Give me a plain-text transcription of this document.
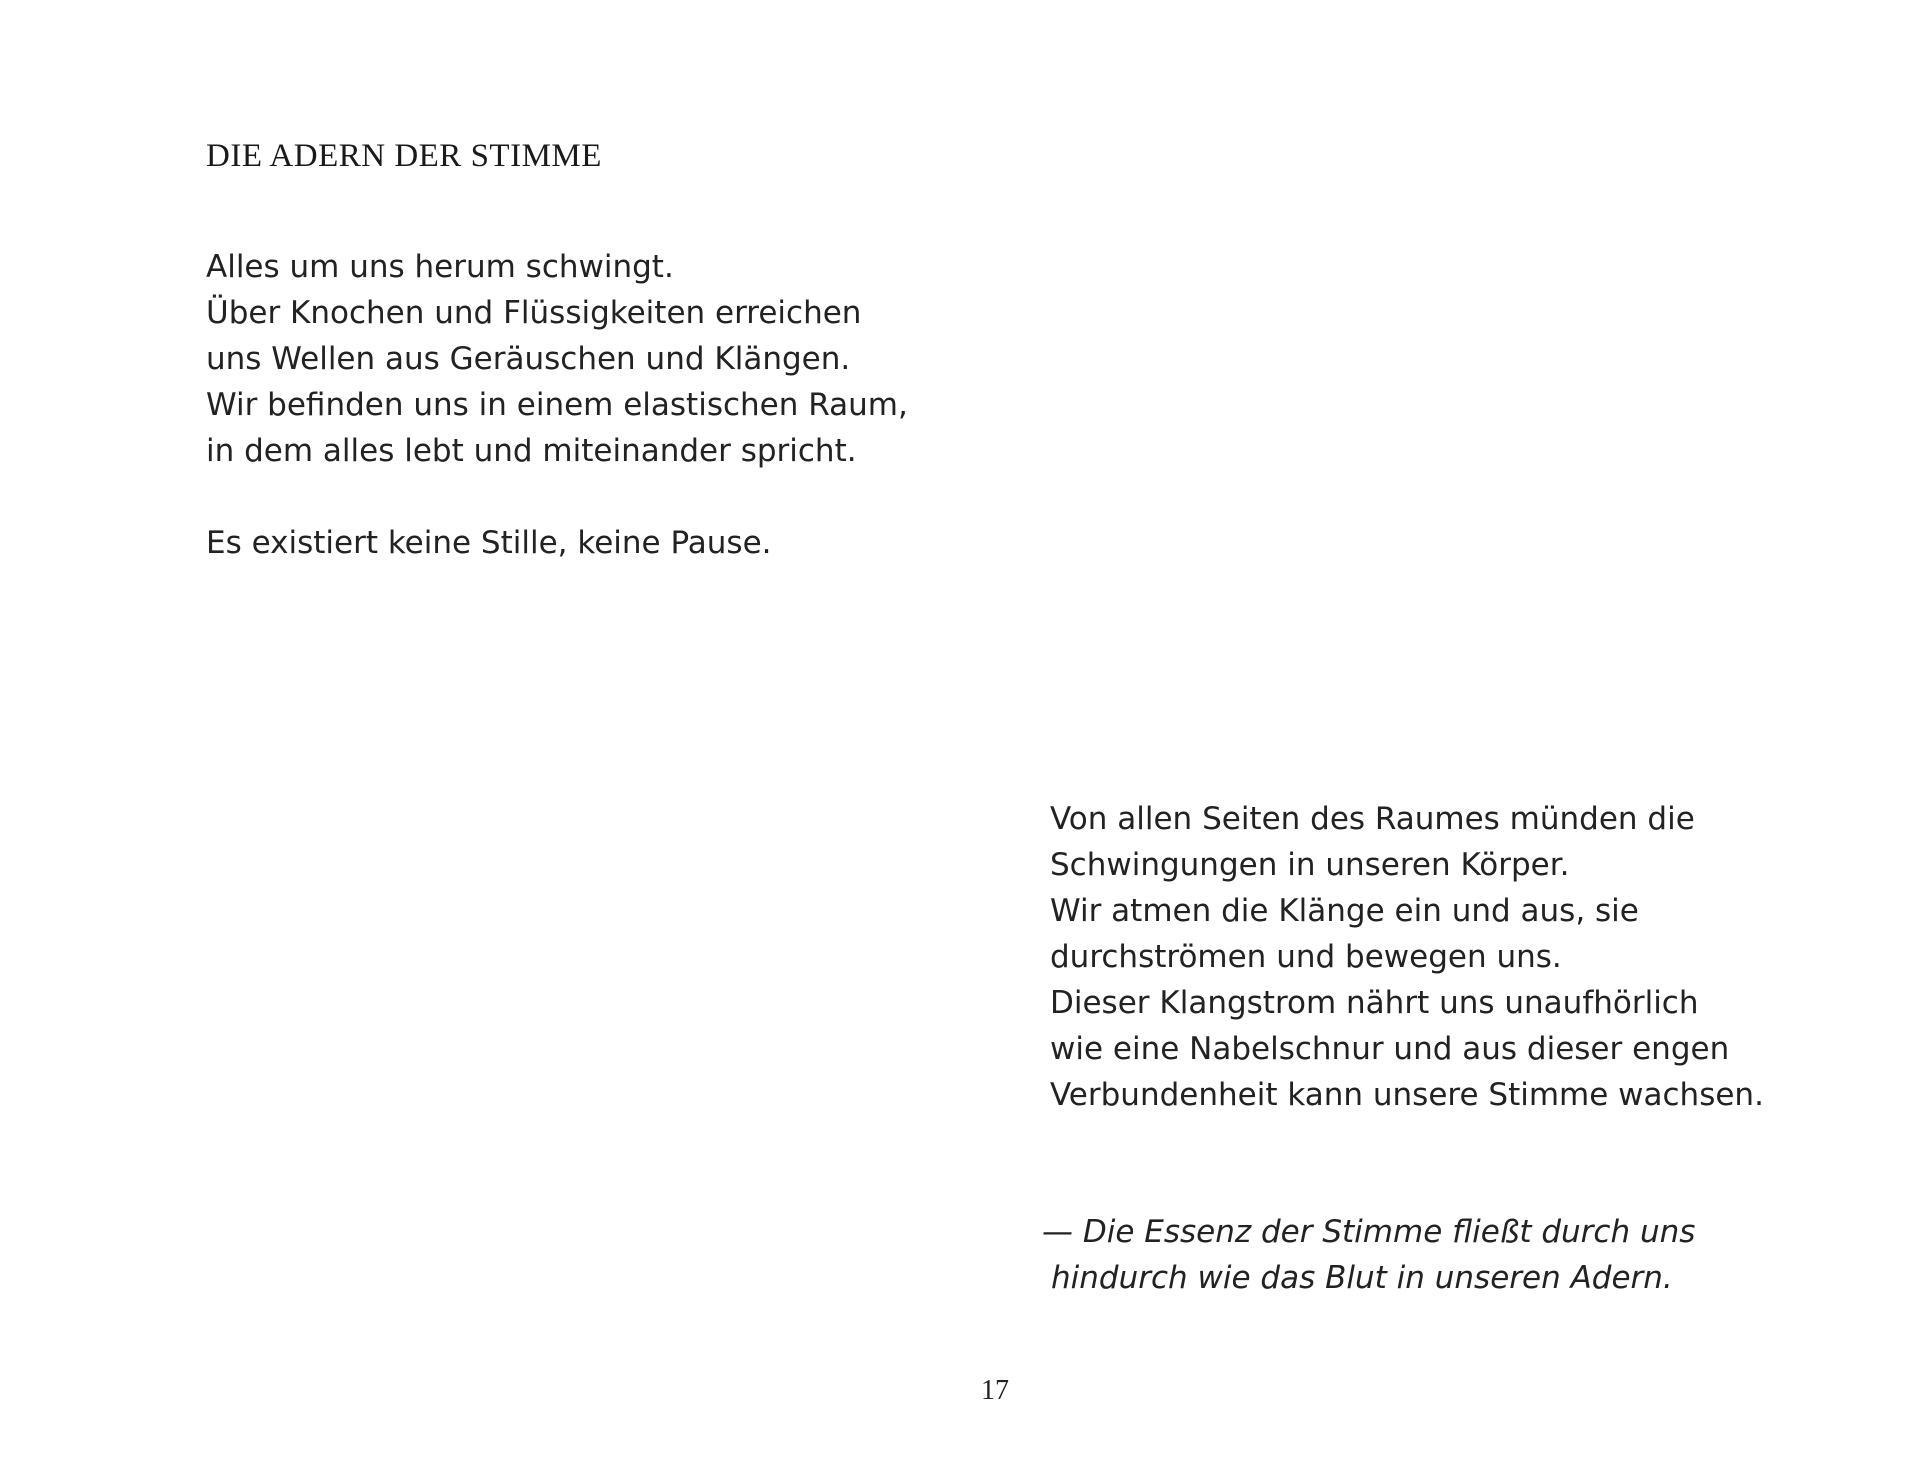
DIE ADERN DER STIMME

Alles um uns herum schwingt.
Über Knochen und Flüssigkeiten erreichen
uns Wellen aus Geräuschen und Klängen.
Wir befinden uns in einem elastischen Raum,
in dem alles lebt und miteinander spricht.

Es existiert keine Stille, keine Pause.

Von allen Seiten des Raumes münden die
Schwingungen in unseren Körper.
Wir atmen die Klänge ein und aus, sie
durchströmen und bewegen uns.
Dieser Klangstrom nährt uns unaufhörlich
wie eine Nabelschnur und aus dieser engen
Verbundenheit kann unsere Stimme wachsen.

— Die Essenz der Stimme fließt durch uns
hindurch wie das Blut in unseren Adern.

17
